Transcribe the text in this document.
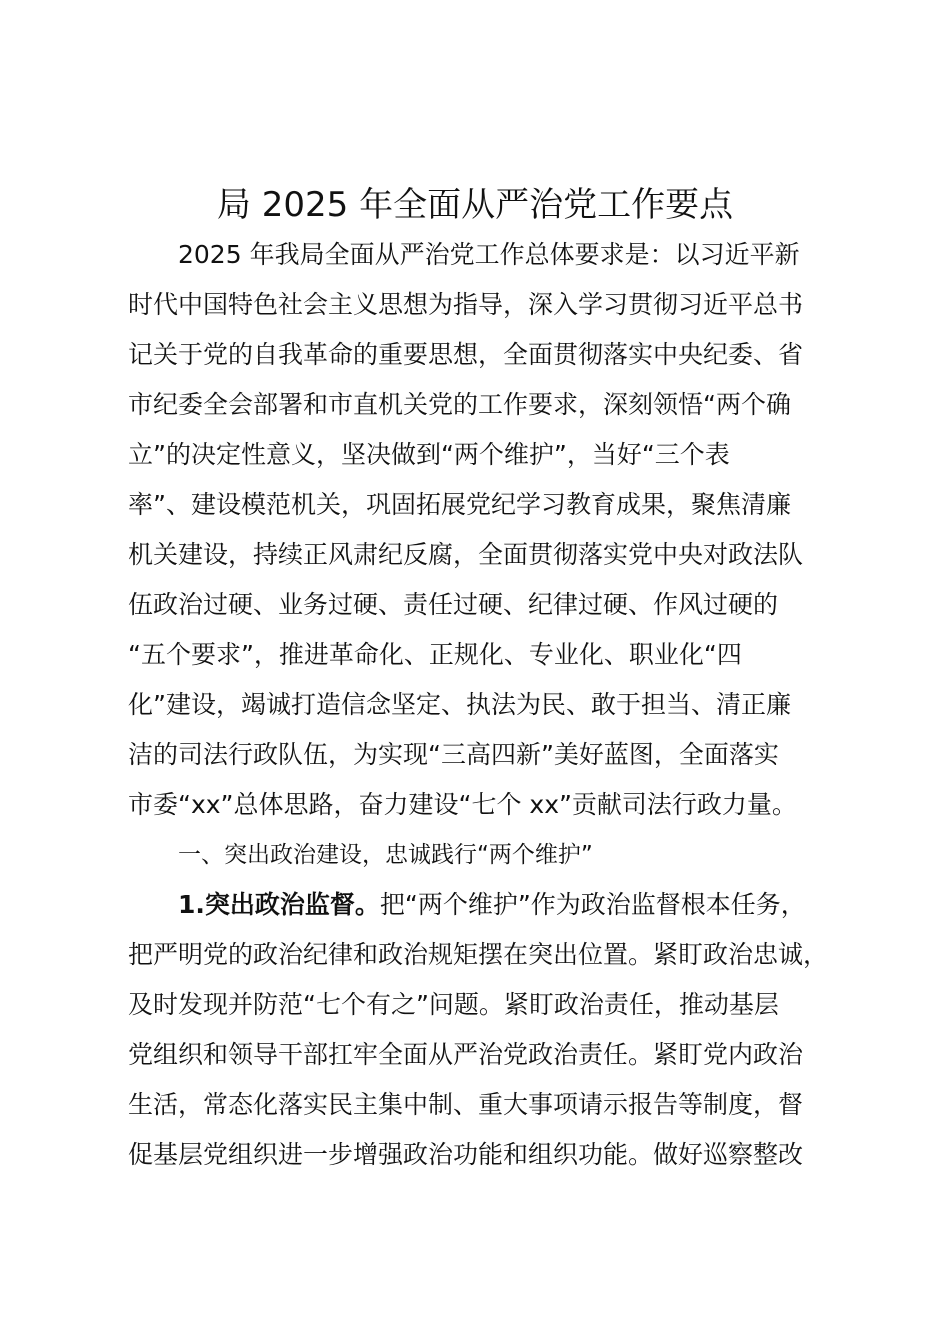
局 2025 年全面从严治党工作要点
2025 年我局全面从严治党工作总体要求是：以习近平新
时代中国特色社会主义思想为指导，深入学习贯彻习近平总书
记关于党的自我革命的重要思想，全面贯彻落实中央纪委、省
市纪委全会部署和市直机关党的工作要求，深刻领悟“两个确
立”的决定性意义，坚决做到“两个维护”，当好“三个表
率”、建设模范机关，巩固拓展党纪学习教育成果，聚焦清廉
机关建设，持续正风肃纪反腐，全面贯彻落实党中央对政法队
伍政治过硬、业务过硬、责任过硬、纪律过硬、作风过硬的
“五个要求”，推进革命化、正规化、专业化、职业化“四
化”建设，竭诚打造信念坚定、执法为民、敢于担当、清正廉
洁的司法行政队伍，为实现“三高四新”美好蓝图，全面落实
市委“xx”总体思路，奋力建设“七个 xx”贡献司法行政力量。
一、突出政治建设，忠诚践行“两个维护”
1.突出政治监督。把“两个维护”作为政治监督根本任务，
把严明党的政治纪律和政治规矩摆在突出位置。紧盯政治忠诚，
及时发现并防范“七个有之”问题。紧盯政治责任，推动基层
党组织和领导干部扛牢全面从严治党政治责任。紧盯党内政治
生活，常态化落实民主集中制、重大事项请示报告等制度，督
促基层党组织进一步增强政治功能和组织功能。做好巡察整改
